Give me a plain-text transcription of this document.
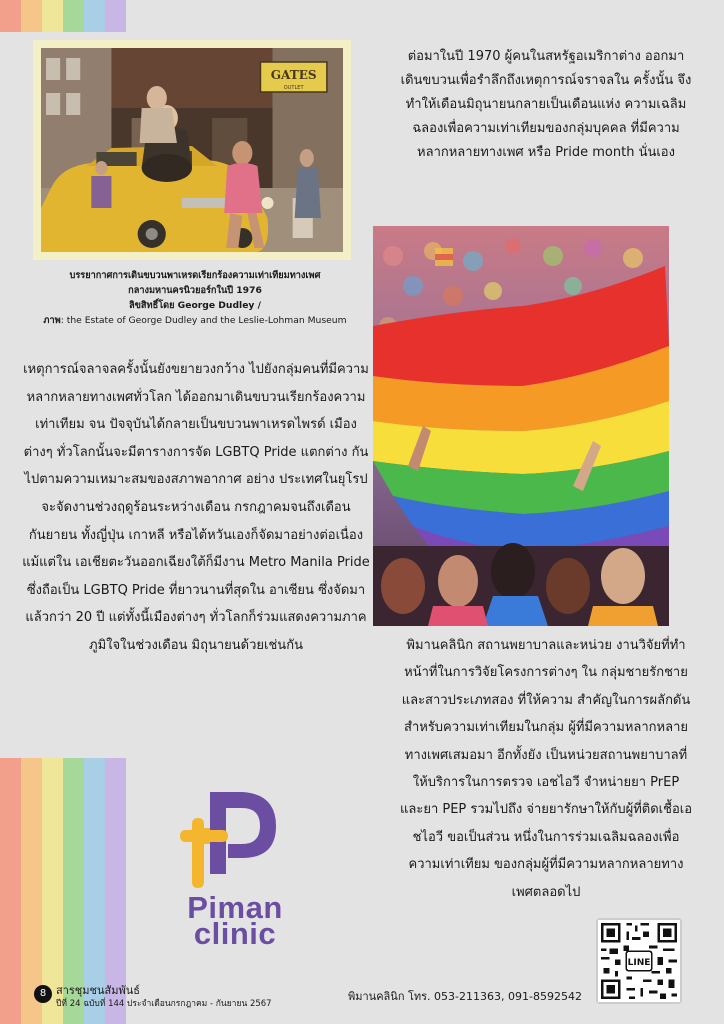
GATES
OUTLET
บรรยากาศการเดินขบวนพาเหรดเรียกร้องความเท่าเทียมทางเพศ
กลางมหานครนิวยอร์กในปี 1976
ลิขสิทธิ์โดย George Dudley /
ภาพ: the Estate of George Dudley and the Leslie-Lohman Museum
ต่อมาในปี 1970 ผู้คนในสหรัฐอเมริกาต่าง ออกมาเดินขบวนเพื่อรำลึกถึงเหตุการณ์จราจลใน ครั้งนั้น จึงทำให้เดือนมิถุนายนกลายเป็นเดือนแห่ง ความเฉลิมฉลองเพื่อความเท่าเทียมของกลุ่มบุคคล ที่มีความหลากหลายทางเพศ หรือ Pride month นั่นเอง
เหตุการณ์จลาจลครั้งนั้นยังขยายวงกว้าง ไปยังกลุ่มคนที่มีความหลากหลายทางเพศทั่วโลก ได้ออกมาเดินขบวนเรียกร้องความเท่าเทียม จน ปัจจุบันได้กลายเป็นขบวนพาเหรดไพรด์ เมืองต่างๆ ทั่วโลกนั้นจะมีตารางการจัด LGBTQ Pride แตกต่าง กันไปตามความเหมาะสมของสภาพอากาศ อย่าง ประเทศในยุโรปจะจัดงานช่วงฤดูร้อนระหว่างเดือน กรกฎาคมจนถึงเดือนกันยายน ทั้งญี่ปุ่น เกาหลี หรือไต้หวันเองก็จัดมาอย่างต่อเนื่อง แม้แต่ใน เอเชียตะวันออกเฉียงใต้ก็มีงาน Metro Manila Pride ซึ่งถือเป็น LGBTQ Pride ที่ยาวนานที่สุดใน อาเซียน ซึ่งจัดมาแล้วกว่า 20 ปี แต่ทั้งนี้เมืองต่างๆ ทั่วโลกก็ร่วมแสดงความภาคภูมิใจในช่วงเดือน มิถุนายนด้วยเช่นกัน	พิมานคลินิก สถานพยาบาลและหน่วย งานวิจัยที่ทำหน้าที่ในการวิจัยโครงการต่างๆ ใน กลุ่มชายรักชายและสาวประเภทสอง ที่ให้ความ สำคัญในการผลักดันสำหรับความเท่าเทียมในกลุ่ม ผู้ที่มีความหลากหลายทางเพศเสมอมา อีกทั้งยัง เป็นหน่วยสถานพยาบาลที่ให้บริการในการตรวจ เอชไอวี จำหน่ายยา PrEP และยา PEP รวมไปถึง จ่ายยารักษาให้กับผู้ที่ติดเชื้อเอชไอวี ขอเป็นส่วน หนึ่งในการร่วมเฉลิมฉลองเพื่อความเท่าเทียม ของกลุ่มผู้ที่มีความหลากหลายทางเพศตลอดไป
Piman
clinic
LINE
8 สารชุมชนสัมพันธ์
ปีที่ 24 ฉบับที่ 144 ประจำเดือนกรกฎาคม - กันยายน 2567
พิมานคลินิก โทร. 053-211363, 091-8592542
